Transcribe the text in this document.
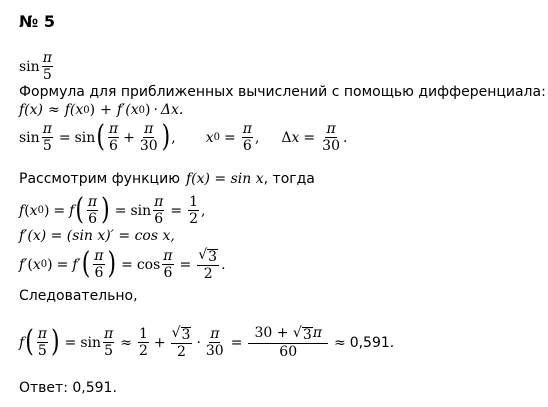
№ 5
$\sin \frac{\pi}{5}$
Формула для приближенных вычислений с помощью дифференциала:
f(x) ≈ f(x 0 ) + f′(x 0 ) · Δx.
$\sin \frac{\pi}{5} = \sin$ ( $\frac{\pi}{6} + \frac{\pi}{30}$ ) , x $0 = \frac{\pi}{6}$ , $\Delta x = \frac{\pi}{30}$ .
Рассмотрим функцию f(x) = sin x , тогда
f ( x 0 ) = f ( $\frac{\pi}{6}$ ) = $\sin \frac{\pi}{6} = \frac{1}{2}$ ,
f′(x) = (sin x)′ = cos x,
f′ ( x 0 ) = f′ ( $\frac{\pi}{6}$ ) = $\cos \frac{\pi}{6} = \frac{√ 3}{2}$ .
Следовательно,
f ( $\frac{\pi}{5}$ ) = $\sin \frac{\pi}{5} \approx \frac{1}{2} + \frac{√ 3}{2} \cdot \frac{\pi}{30} = \frac{30 + √ 3 \pi}{60} \approx 0,591$.
Ответ: 0,591.
